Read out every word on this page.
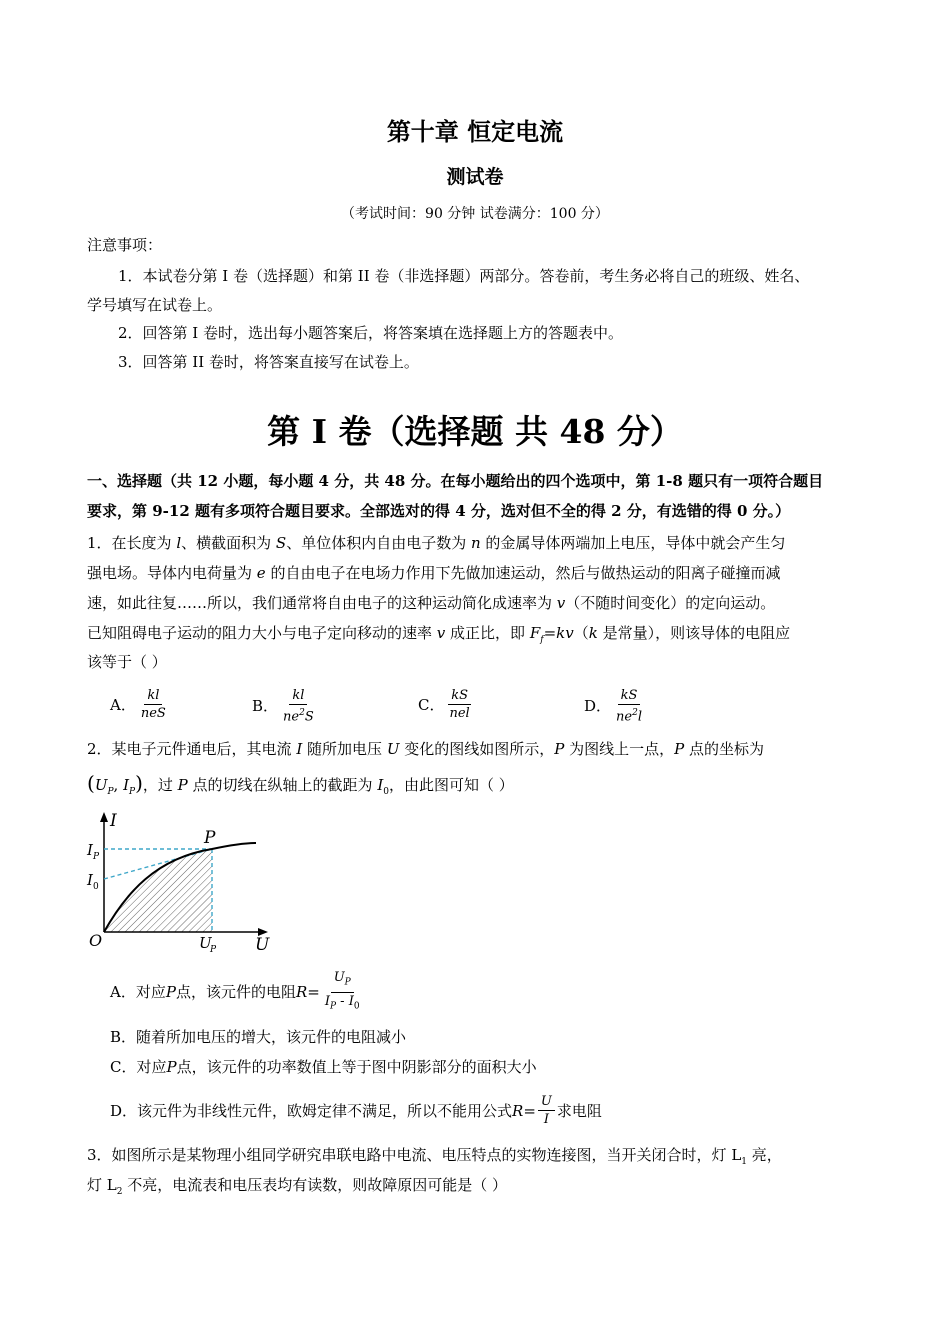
第十章 恒定电流
测试卷
（考试时间：90 分钟 试卷满分：100 分）
注意事项：
1．本试卷分第 I 卷（选择题）和第 II 卷（非选择题）两部分。答卷前，考生务必将自己的班级、姓名、
学号填写在试卷上。
2．回答第 I 卷时，选出每小题答案后，将答案填在选择题上方的答题表中。
3．回答第 II 卷时，将答案直接写在试卷上。
第 I 卷（选择题 共 48 分）
一、选择题（共 12 小题，每小题 4 分，共 48 分。在每小题给出的四个选项中，第 1-8 题只有一项符合题目
要求，第 9-12 题有多项符合题目要求。全部选对的得 4 分，选对但不全的得 2 分，有选错的得 0 分。）
1．在长度为 l、横截面积为 S、单位体积内自由电子数为 n 的金属导体两端加上电压，导体中就会产生匀
强电场。导体内电荷量为 e 的自由电子在电场力作用下先做加速运动，然后与做热运动的阳离子碰撞而减
速，如此往复……所以，我们通常将自由电子的这种运动简化成速率为 v（不随时间变化）的定向运动。
已知阻碍电子运动的阻力大小与电子定向移动的速率 v 成正比，即 $F_f=kv(k$ 是常量），则该导体的电阻应
该等于（ ）
A． $\frac{kl}{\text{neS}}$	B． $\frac{kl}{ne^2S}$	C． $\frac{kS}{\text{nel}}$	D． $\frac{kS}{ne^2l}$
2．某电子元件通电后，其电流 I 随所加电压 U 变化的图线如图所示，P 为图线上一点，P 点的坐标为
($U_P$, $I_P$)，过 P 点的切线在纵轴上的截距为 $I_0$，由此图可知（ ）
I
U
O
P
I P
I 0
U
P
A．对应 P 点，该元件的电阻 $R = \frac{U_P}{I_P - I_0}$
B．随着所加电压的增大，该元件的电阻减小
C．对应 P 点，该元件的功率数值上等于图中阴影部分的面积大小
D．该元件为非线性元件，欧姆定律不满足，所以不能用公式 $R = \frac{U}{I}$ 求电阻
3．如图所示是某物理小组同学研究串联电路中电流、电压特点的实物连接图，当开关闭合时，灯 $L_1$ 亮，
灯 $L_2$ 不亮，电流表和电压表均有读数，则故障原因可能是（ ）
